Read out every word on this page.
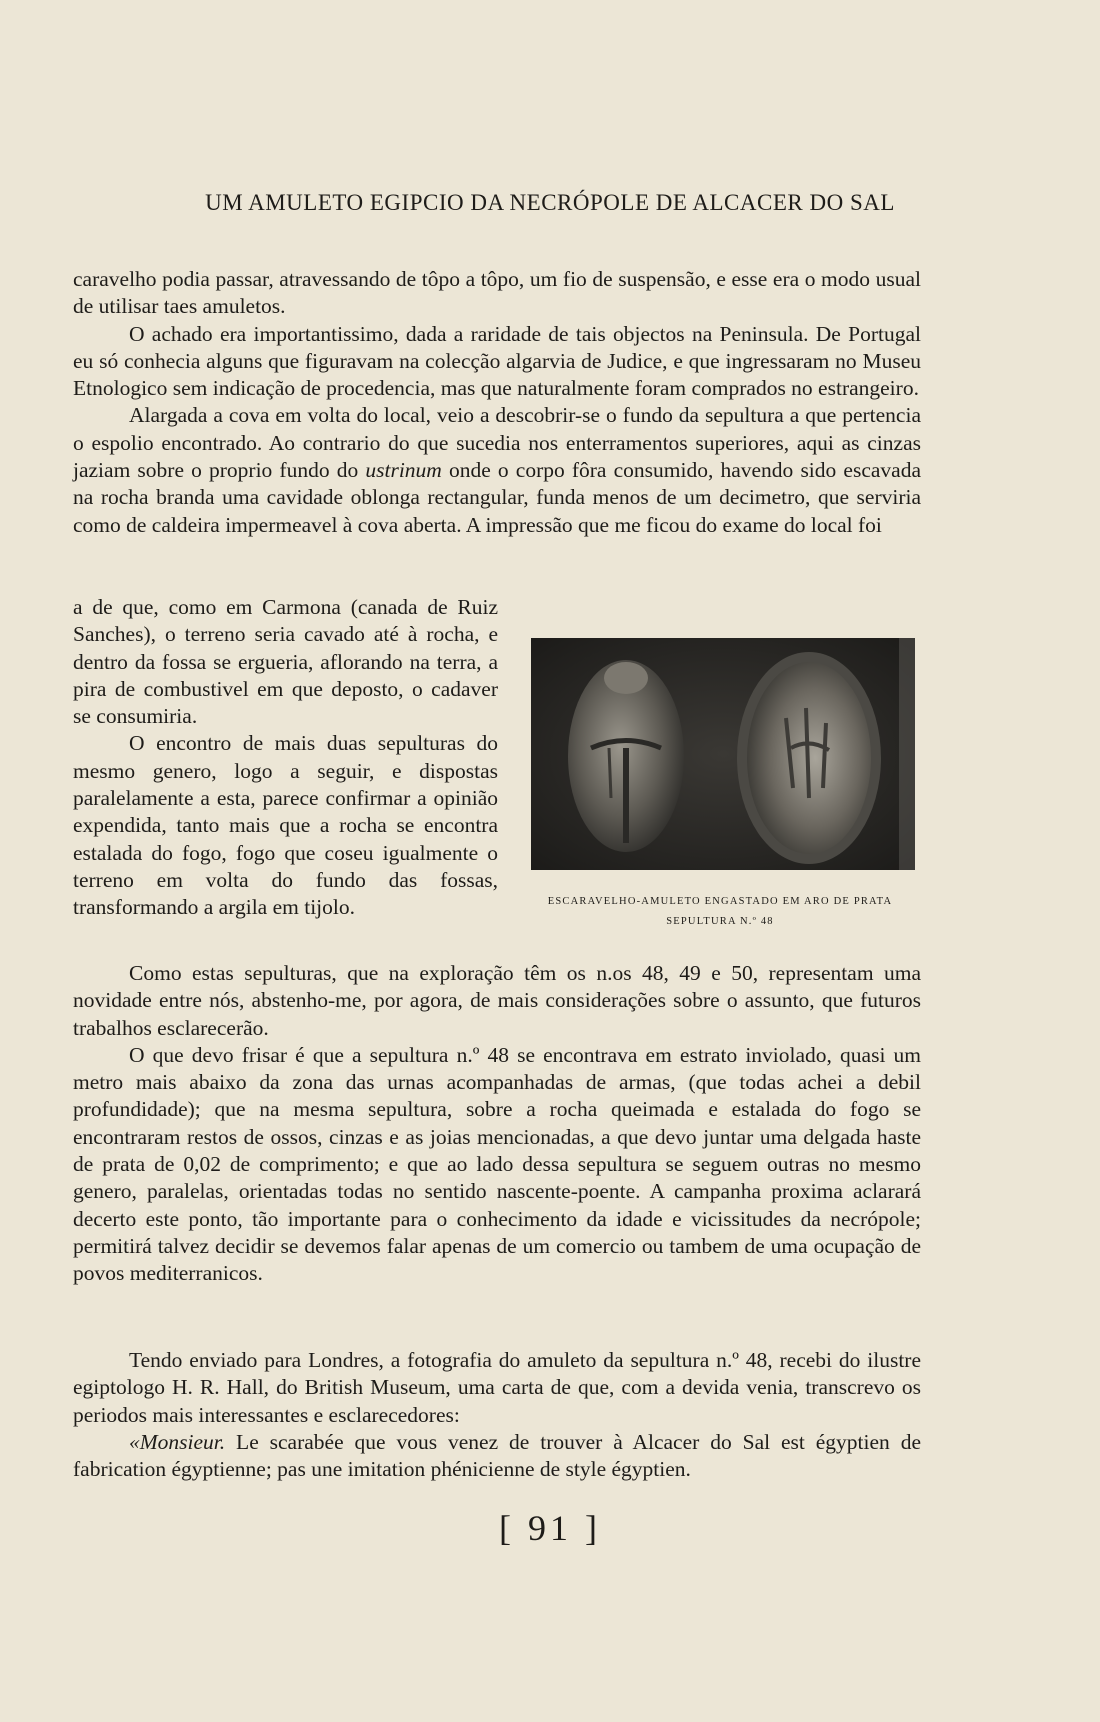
UM AMULETO EGIPCIO DA NECRÓPOLE DE ALCACER DO SAL

caravelho podia passar, atravessando de tôpo a tôpo, um fio de suspensão, e esse era o modo usual de utilisar taes amuletos.

O achado era importantissimo, dada a raridade de tais objectos na Peninsula. De Portugal eu só conhecia alguns que figuravam na colecção algarvia de Judice, e que ingressaram no Museu Etnologico sem indicação de procedencia, mas que naturalmente foram comprados no estrangeiro.

Alargada a cova em volta do local, veio a descobrir-se o fundo da sepultura a que pertencia o espolio encontrado. Ao contrario do que sucedia nos enterramentos superiores, aqui as cinzas jaziam sobre o proprio fundo do ustrinum onde o corpo fôra consumido, havendo sido escavada na rocha branda uma cavidade oblonga rectangular, funda menos de um decimetro, que serviria como de caldeira impermeavel à cova aberta. A impressão que me ficou do exame do local foi

a de que, como em Carmona (canada de Ruiz Sanches), o terreno seria cavado até à rocha, e dentro da fossa se ergueria, aflorando na terra, a pira de combustivel em que deposto, o cadaver se consumiria.

O encontro de mais duas sepulturas do mesmo genero, logo a seguir, e dispostas paralelamente a esta, parece confirmar a opinião expendida, tanto mais que a rocha se encontra estalada do fogo, fogo que coseu igualmente o terreno em volta do fundo das fossas, transformando a argila em tijolo.	ESCARAVELHO-AMULETO ENGASTADO EM ARO DE PRATA
SEPULTURA N.º 48

Como estas sepulturas, que na exploração têm os n.os 48, 49 e 50, representam uma novidade entre nós, abstenho-me, por agora, de mais considerações sobre o assunto, que futuros trabalhos esclarecerão.

O que devo frisar é que a sepultura n.º 48 se encontrava em estrato inviolado, quasi um metro mais abaixo da zona das urnas acompanhadas de armas, (que todas achei a debil profundidade); que na mesma sepultura, sobre a rocha queimada e estalada do fogo se encontraram restos de ossos, cinzas e as joias mencionadas, a que devo juntar uma delgada haste de prata de 0,02 de comprimento; e que ao lado dessa sepultura se seguem outras no mesmo genero, paralelas, orientadas todas no sentido nascente-poente. A campanha proxima aclarará decerto este ponto, tão importante para o conhecimento da idade e vicissitudes da necrópole; permitirá talvez decidir se devemos falar apenas de um comercio ou tambem de uma ocupação de povos mediterranicos.

Tendo enviado para Londres, a fotografia do amuleto da sepultura n.º 48, recebi do ilustre egiptologo H. R. Hall, do British Museum, uma carta de que, com a devida venia, transcrevo os periodos mais interessantes e esclarecedores:

«Monsieur. Le scarabée que vous venez de trouver à Alcacer do Sal est égyptien de fabrication égyptienne; pas une imitation phénicienne de style égyptien.

[ 91 ]
